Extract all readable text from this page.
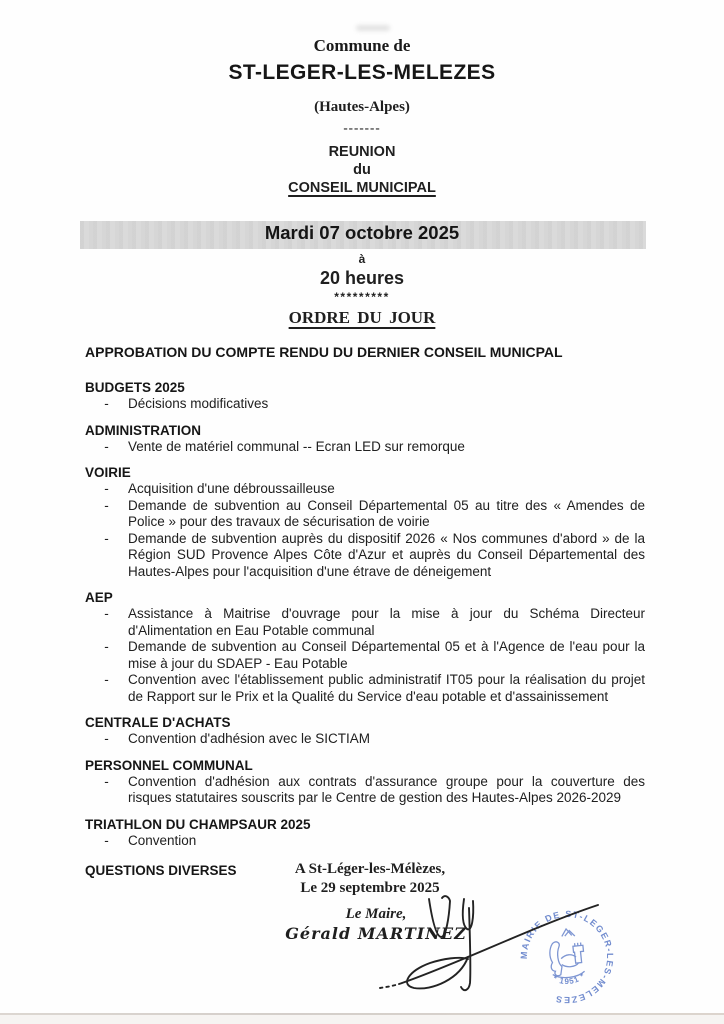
Commune de
ST-LEGER-LES-MELEZES
(Hautes-Alpes)
-------
REUNION
du
CONSEIL MUNICIPAL
Mardi 07 octobre 2025
à
20 heures
*********
ORDRE DU JOUR
APPROBATION DU COMPTE RENDU DU DERNIER CONSEIL MUNICPAL
BUDGETS 2025
-	Décisions modificatives
ADMINISTRATION
-	Vente de matériel communal -- Ecran LED sur remorque
VOIRIE
-	Acquisition d'une débroussailleuse
-	Demande de subvention au Conseil Départemental 05 au titre des « Amendes de Police » pour des travaux de sécurisation de voirie
-	Demande de subvention auprès du dispositif 2026 « Nos communes d'abord » de la Région SUD Provence Alpes Côte d'Azur et auprès du Conseil Départemental des Hautes-Alpes pour l'acquisition d'une étrave de déneigement
AEP
-	Assistance à Maitrise d'ouvrage pour la mise à jour du Schéma Directeur d'Alimentation en Eau Potable communal
-	Demande de subvention au Conseil Départemental 05 et à l'Agence de l'eau pour la mise à jour du SDAEP - Eau Potable
-	Convention avec l'établissement public administratif IT05 pour la réalisation du projet de Rapport sur le Prix et la Qualité du Service d'eau potable et d'assainissement
CENTRALE D'ACHATS
-	Convention d'adhésion avec le SICTIAM
PERSONNEL COMMUNAL
-	Convention d'adhésion aux contrats d'assurance groupe pour la couverture des risques statutaires souscrits par le Centre de gestion des Hautes-Alpes 2026-2029
TRIATHLON DU CHAMPSAUR 2025
-	Convention
QUESTIONS DIVERSES	A St-Léger-les-Mélèzes,
Le 29 septembre 2025
Le Maire,
Gérald MARTINEZ
MAIRIE DE ST-LEGER-LES-MELEZES
* 1951 *
